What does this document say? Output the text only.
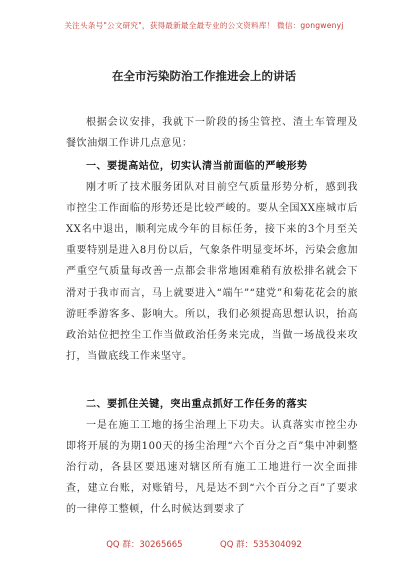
关注头条号"公文研究"，获得最新最全最专业的公文资料库！ 微信：gongwenyj
在全市污染防治工作推进会上的讲话

根据会议安排，我就下一阶段的扬尘管控、渣土车管理及餐饮油烟工作讲几点意见：

一、要提高站位，切实认清当前面临的严峻形势

刚才听了技术服务团队对目前空气质量形势分析，感到我市控尘工作面临的形势还是比较严峻的。要从全国XX座城市后XX名中退出，顺利完成今年的目标任务，接下来的3个月至关重要特别是进入8月份以后，气象条件明显变坏坏，污染会愈加严重空气质量每改善一点都会非常地困难稍有放松排名就会下滑对于我市而言，马上就要进入“端午”“建党”和菊花花会的旅游旺季游客多、影响大。所以，我们必须提高思想认识，抬高政治站位把控尘工作当做政治任务来完成，当做一场战役来攻打，当做底线工作来坚守。

二、要抓住关键，突出重点抓好工作任务的落实

一是在施工工地的扬尘治理上下功夫。认真落实市控尘办即将开展的为期100天的扬尘治理“六个百分之百”集中冲刺整治行动，各县区要迅速对辖区所有施工工地进行一次全面排查，建立台账，对账销号，凡是达不到“六个百分之百”了要求的一律停工整顿，什么时候达到要求了

QQ 群：30265665	QQ 群：535304092
